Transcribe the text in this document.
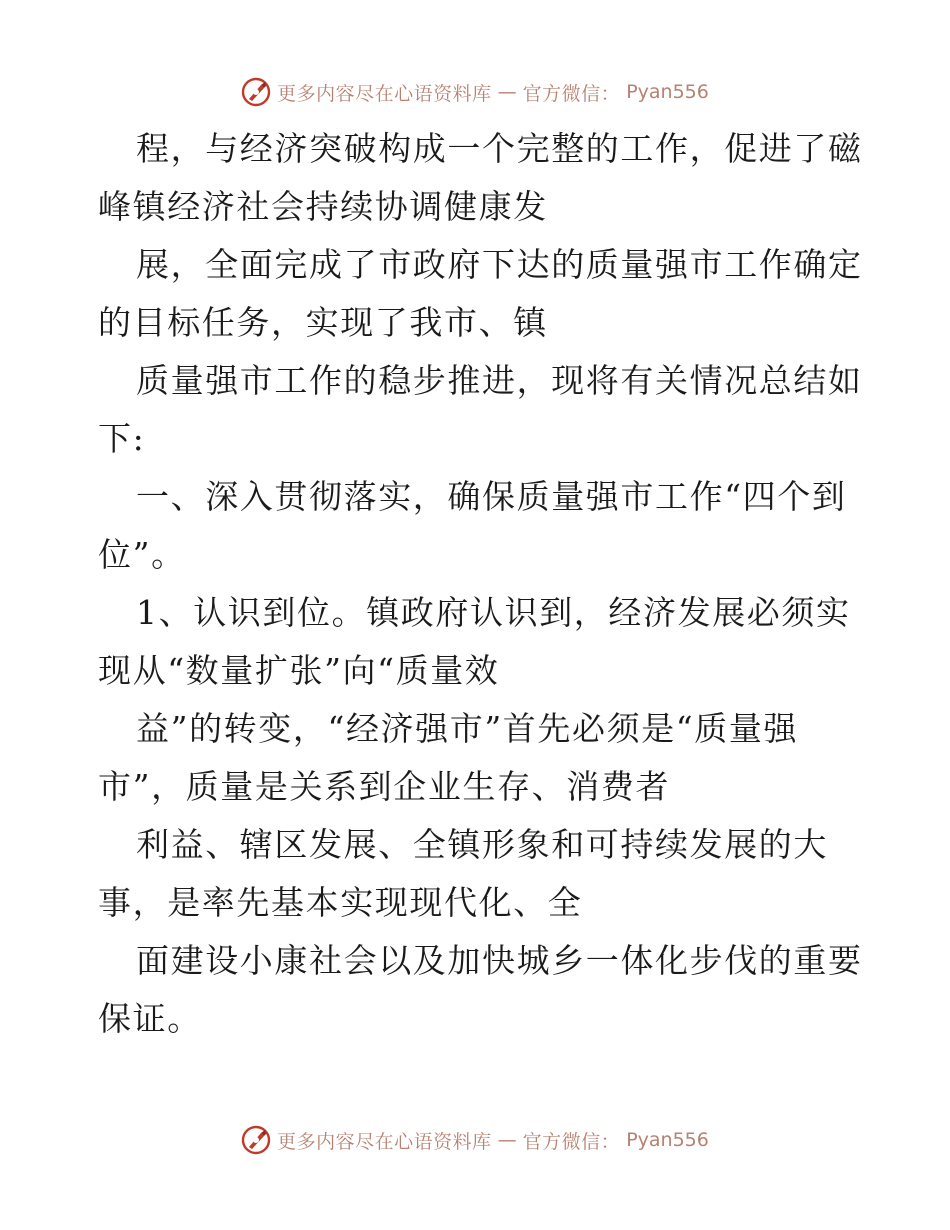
更多内容尽在心语资料库 — 官方微信： Pyan556
程，与经济突破构成一个完整的工作，促进了磁
峰镇经济社会持续协调健康发
展，全面完成了市政府下达的质量强市工作确定
的目标任务，实现了我市、镇
质量强市工作的稳步推进，现将有关情况总结如
下:
一、深入贯彻落实，确保质量强市工作“四个到
位”。
1、认识到位。镇政府认识到，经济发展必须实
现从“数量扩张”向“质量效
益”的转变，“经济强市”首先必须是“质量强
市”，质量是关系到企业生存、消费者
利益、辖区发展、全镇形象和可持续发展的大
事，是率先基本实现现代化、全
面建设小康社会以及加快城乡一体化步伐的重要
保证。
更多内容尽在心语资料库 — 官方微信： Pyan556
